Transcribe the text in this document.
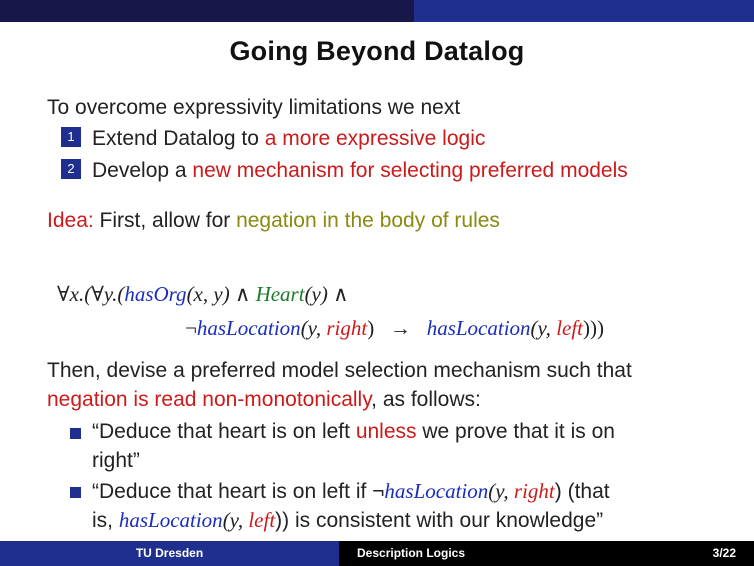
Going Beyond Datalog
To overcome expressivity limitations we next
1 Extend Datalog to a more expressive logic
2 Develop a new mechanism for selecting preferred models
Idea: First, allow for negation in the body of rules
∀x.(∀y.(hasOrg(x, y) ∧ Heart(y) ∧
¬hasLocation(y, right)   →   hasLocation(y, left)))
Then, devise a preferred model selection mechanism such that
negation is read non-monotonically, as follows:
“Deduce that heart is on left unless we prove that it is on
right”
“Deduce that heart is on left if ¬hasLocation(y, right) (that
is, hasLocation(y, left)) is consistent with our knowledge”
TU Dresden	Description Logics	3/22
